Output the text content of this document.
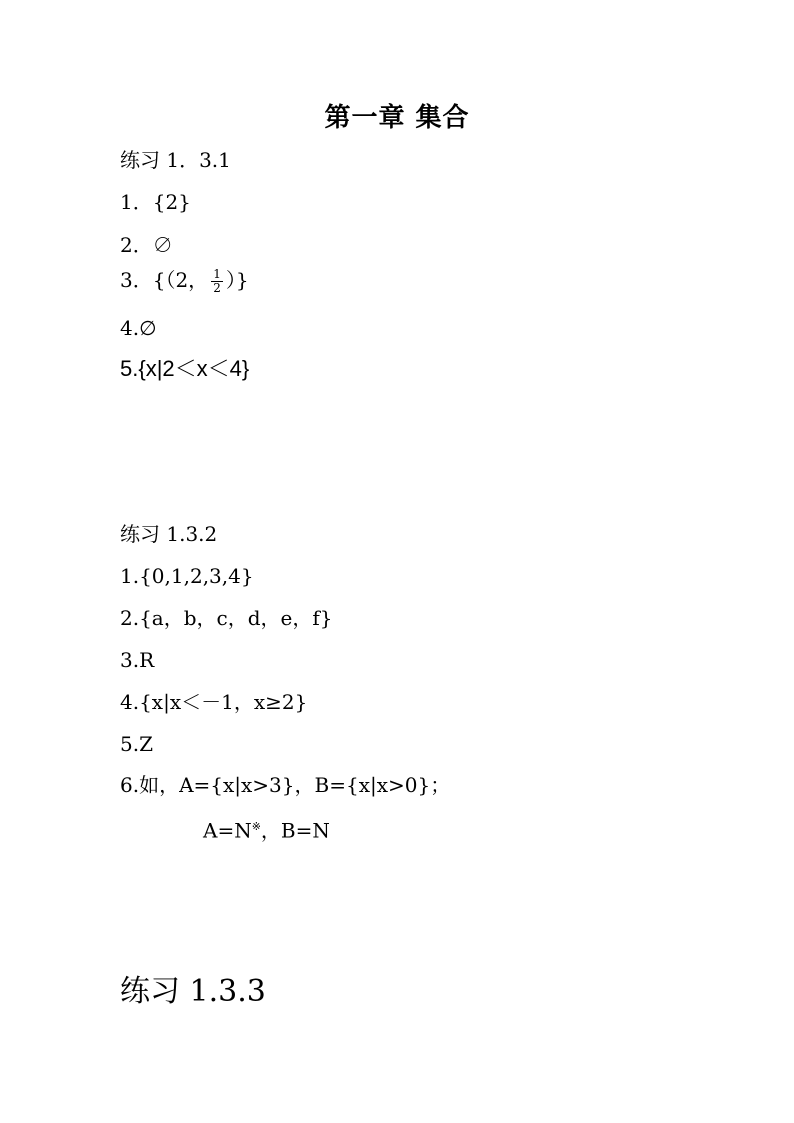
第一章 集合
练习 1．3.1
1．{2}
2．∅
3．{（2， $\frac{1}{2}$ ）}
4.∅
5.{x|2＜x＜4}
练习 1.3.2
1.{0,1,2,3,4}
2.{a，b，c，d，e，f}
3.R
4.{x|x＜－1，x≥2}
5.Z
6.如，A={x|x>3}，B={x|x>0}；
A=N※，B=N
练习 1.3.3
